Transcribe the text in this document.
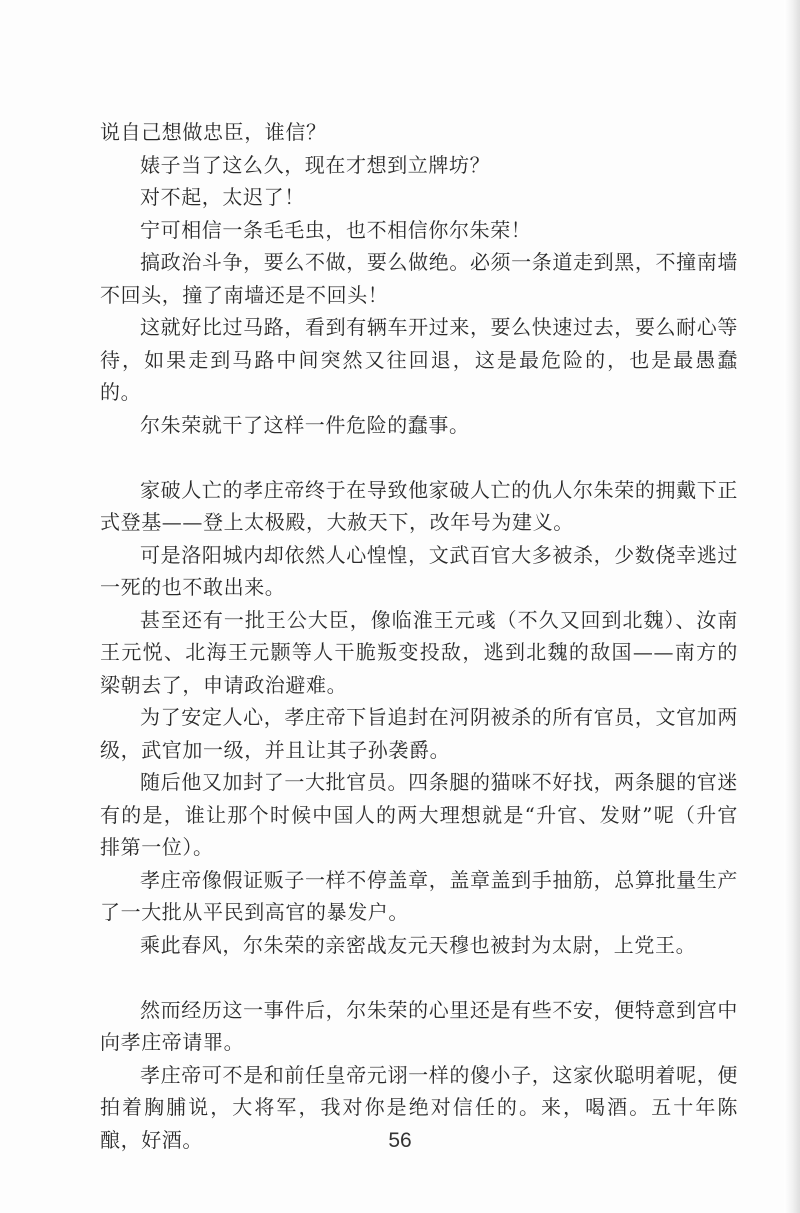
说自己想做忠臣，谁信？

婊子当了这么久，现在才想到立牌坊？

对不起，太迟了！

宁可相信一条毛毛虫，也不相信你尔朱荣！

搞政治斗争，要么不做，要么做绝。必须一条道走到黑，不撞南墙不回头，撞了南墙还是不回头！

这就好比过马路，看到有辆车开过来，要么快速过去，要么耐心等待，如果走到马路中间突然又往回退，这是最危险的，也是最愚蠢的。

尔朱荣就干了这样一件危险的蠢事。

家破人亡的孝庄帝终于在导致他家破人亡的仇人尔朱荣的拥戴下正式登基——登上太极殿，大赦天下，改年号为建义。

可是洛阳城内却依然人心惶惶，文武百官大多被杀，少数侥幸逃过一死的也不敢出来。

甚至还有一批王公大臣，像临淮王元彧（不久又回到北魏）、汝南王元悦、北海王元颢等人干脆叛变投敌，逃到北魏的敌国——南方的梁朝去了，申请政治避难。

为了安定人心，孝庄帝下旨追封在河阴被杀的所有官员，文官加两级，武官加一级，并且让其子孙袭爵。

随后他又加封了一大批官员。四条腿的猫咪不好找，两条腿的官迷有的是，谁让那个时候中国人的两大理想就是“升官、发财”呢（升官排第一位）。

孝庄帝像假证贩子一样不停盖章，盖章盖到手抽筋，总算批量生产了一大批从平民到高官的暴发户。

乘此春风，尔朱荣的亲密战友元天穆也被封为太尉，上党王。

然而经历这一事件后，尔朱荣的心里还是有些不安，便特意到宫中向孝庄帝请罪。

孝庄帝可不是和前任皇帝元诩一样的傻小子，这家伙聪明着呢，便拍着胸脯说，大将军，我对你是绝对信任的。来，喝酒。五十年陈酿，好酒。	56
